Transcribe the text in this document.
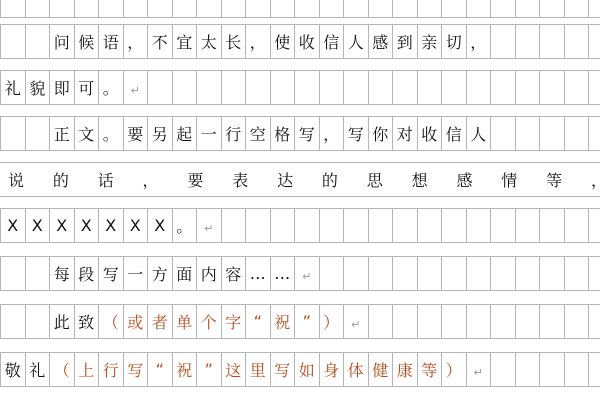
问 候 语 ， 不 宜 太 长 ， 使 收 信 人 感 到 亲 切 ，
礼 貌 即 可 。	↵
正 文 。 要 另 起 一 行 空 格 写 ， 写 你 对 收 信 人
说 的 话 ， 要 表 达 的 思 想 感 情 等 ，
X X X X X X X 。	↵
每 段 写 一 方 面 内 容 … …	↵
此 致 （ 或 者 单 个 字 “ 祝 ” ）	↵
敬 礼 （ 上 行 写 “ 祝 ” 这 里 写 如 身 体 健 康 等 ）	↵
